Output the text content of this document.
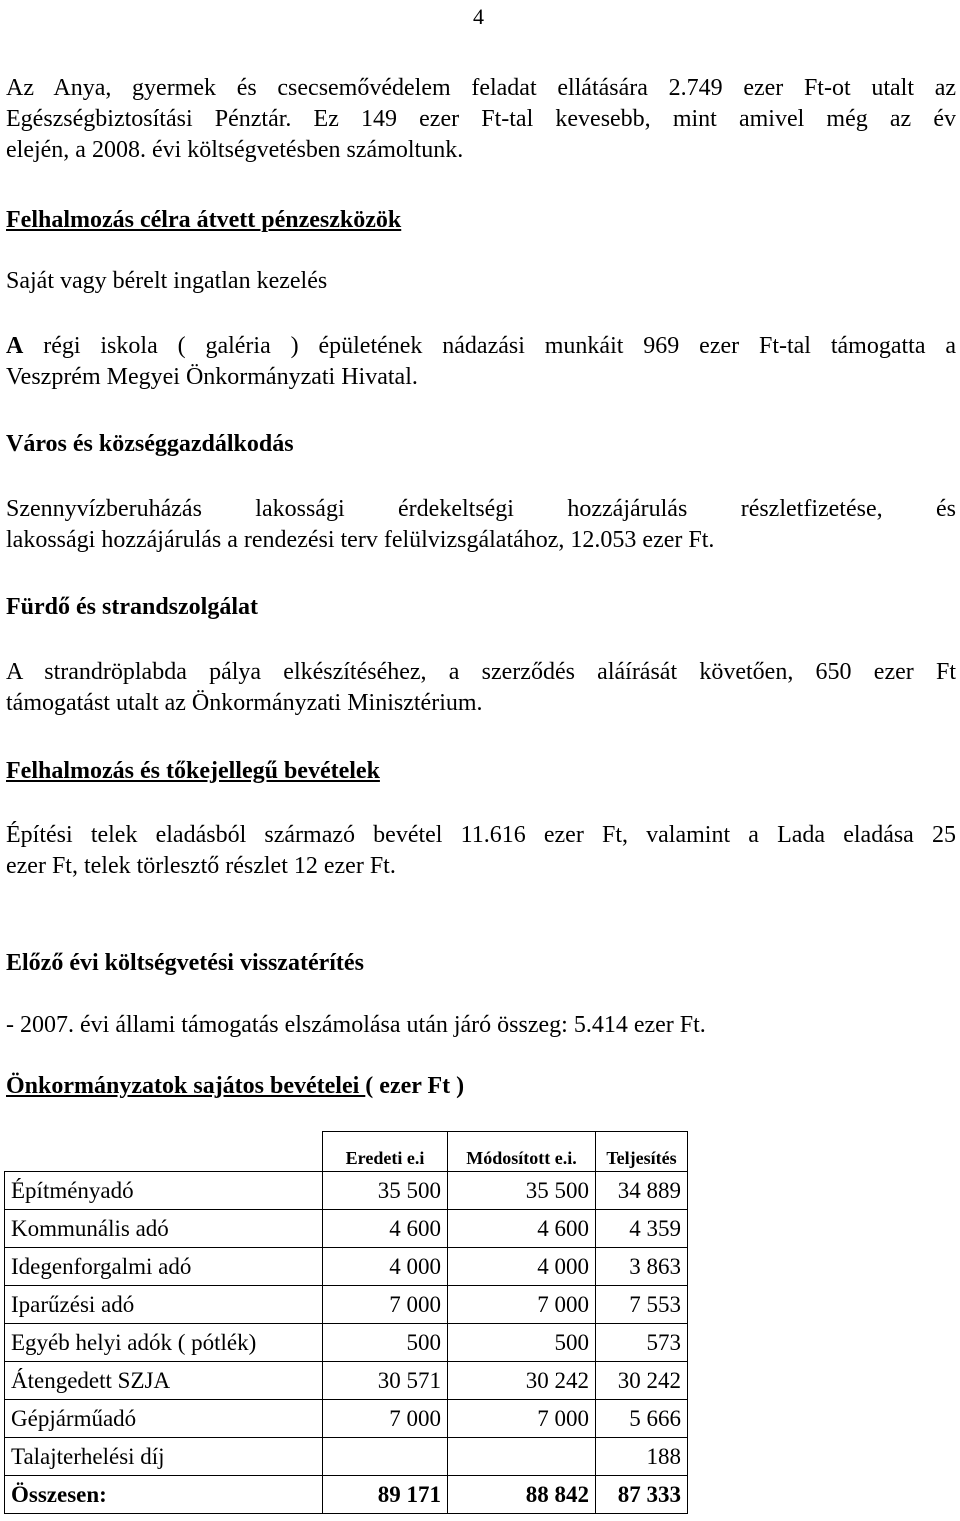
4
Az Anya, gyermek és csecsemővédelem feladat ellátására 2.749 ezer Ft-ot utalt az
Egészségbiztosítási Pénztár. Ez 149 ezer Ft-tal kevesebb, mint amivel még az év
elején, a 2008. évi költségvetésben számoltunk.
Felhalmozás célra átvett pénzeszközök
Saját vagy bérelt ingatlan kezelés
A régi iskola ( galéria ) épületének nádazási munkáit 969 ezer Ft-tal támogatta a
Veszprém Megyei Önkormányzati Hivatal.
Város és községgazdálkodás
Szennyvízberuházás lakossági érdekeltségi hozzájárulás részletfizetése, és
lakossági hozzájárulás a rendezési terv felülvizsgálatához, 12.053 ezer Ft.
Fürdő és strandszolgálat
A strandröplabda pálya elkészítéséhez, a szerződés aláírását követően, 650 ezer Ft
támogatást utalt az Önkormányzati Minisztérium.
Felhalmozás és tőkejellegű bevételek
Építési telek eladásból származó bevétel 11.616 ezer Ft, valamint a Lada eladása 25
ezer Ft, telek törlesztő részlet 12 ezer Ft.
Előző évi költségvetési visszatérítés
- 2007. évi állami támogatás elszámolása után járó összeg: 5.414 ezer Ft.
Önkormányzatok sajátos bevételei ( ezer Ft )
	Eredeti e.i	Módosított e.i.	Teljesítés
Építményadó	35 500	35 500	34 889
Kommunális adó	4 600	4 600	4 359
Idegenforgalmi adó	4 000	4 000	3 863
Iparűzési adó	7 000	7 000	7 553
Egyéb helyi adók ( pótlék)	500	500	573
Átengedett SZJA	30 571	30 242	30 242
Gépjárműadó	7 000	7 000	5 666
Talajterhelési díj			188
Összesen:	89 171	88 842	87 333
